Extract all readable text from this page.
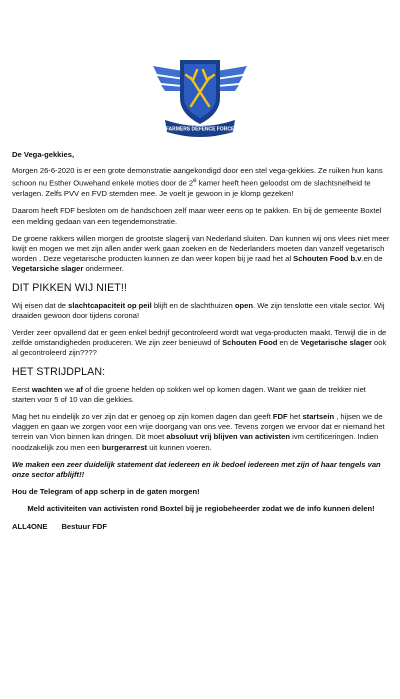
FARMERS DEFENCE FORCE

De Vega-gekkies,

Morgen 26-6-2020 is er een grote demonstratie aangekondigd door een stel vega-gekkies. Ze ruiken hun kans schoon nu Esther Ouwehand enkele moties door de 2e kamer heeft heen geloodst om de slachtsnelheid te verlagen. Zelfs PVV en FVD stemden mee. Je voelt je gewoon in je klomp gezeken!

Daarom heeft FDF besloten om de handschoen zelf maar weer eens op te pakken. En bij de gemeente Boxtel een melding gedaan van een tegendemonstratie.

De groene rakkers willen morgen de grootste slagerij van Nederland sluiten. Dan kunnen wij ons vlees niet meer kwijt en mogen we met zijn allen ander werk gaan zoeken en de Nederlanders moeten dan vanzelf vegetarisch worden . Deze vegetarische producten kunnen ze dan weer kopen bij je raad het al Schouten Food b.v.en de Vegetarsiche slager ondermeer.

DIT PIKKEN WIJ NIET!!

Wij eisen dat de slachtcapaciteit op peil blijft en de slachthuizen open. We zijn tenslotte een vitale sector. Wij draaiden gewoon door tijdens corona!

Verder zeer opvallend dat er geen enkel bedrijf gecontroleerd wordt wat vega-producten maakt. Terwijl die in de zelfde omstandigheden produceren. We zijn zeer benieuwd of Schouten Food en de Vegetarische slager ook al gecontroleerd zijn????

HET STRIJDPLAN:

Eerst wachten we af of die groene helden op sokken wel op komen dagen. Want we gaan de trekker niet starten voor 5 of 10 van die gekkies.

Mag het nu eindelijk zo ver zijn dat er genoeg op zijn komen dagen dan geeft FDF het startsein , hijsen we de vlaggen en gaan we zorgen voor een vrije doorgang van ons vee. Tevens zorgen we ervoor dat er niemand het terrein van Vion binnen kan dringen. Dit moet absoluut vrij blijven van activisten ivm certificeringen. Indien noodzakelijk zou men een burgerarrest uit kunnen voeren.

We maken een zeer duidelijk statement dat iedereen en ik bedoel iedereen met zijn of haar tengels van onze sector afblijft!!

Hou de Telegram of app scherp in de gaten morgen!

Meld activiteiten van activisten rond Boxtel bij je regiobeheerder zodat we de info kunnen delen!

ALL4ONE Bestuur FDF
